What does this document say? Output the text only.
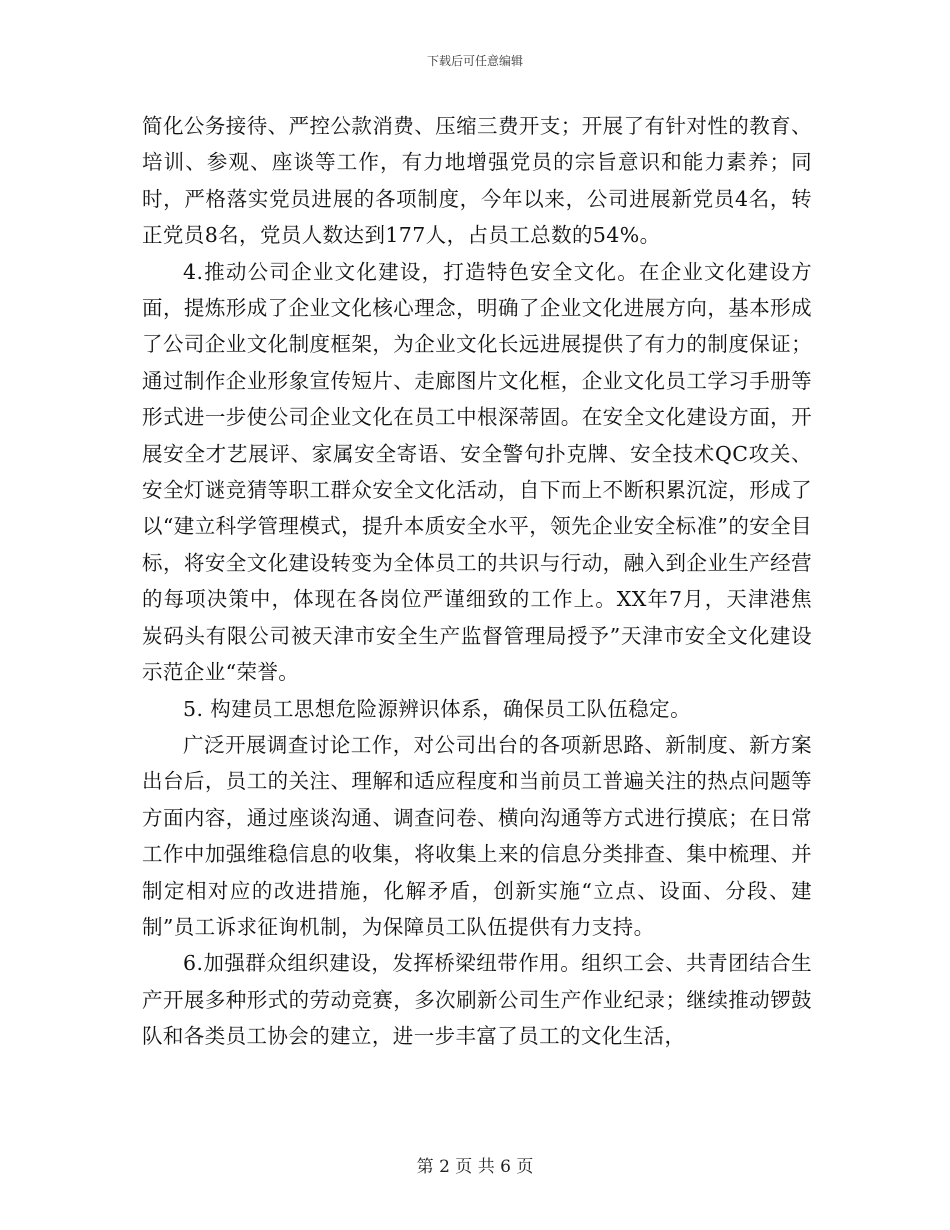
下载后可任意编辑

简化公务接待、严控公款消费、压缩三费开支；开展了有针对性的教育、培训、参观、座谈等工作，有力地增强党员的宗旨意识和能力素养；同时，严格落实党员进展的各项制度，今年以来，公司进展新党员4名，转正党员8名，党员人数达到177人，占员工总数的54%。

4.推动公司企业文化建设，打造特色安全文化。在企业文化建设方面，提炼形成了企业文化核心理念，明确了企业文化进展方向，基本形成了公司企业文化制度框架，为企业文化长远进展提供了有力的制度保证；通过制作企业形象宣传短片、走廊图片文化框，企业文化员工学习手册等形式进一步使公司企业文化在员工中根深蒂固。在安全文化建设方面，开展安全才艺展评、家属安全寄语、安全警句扑克牌、安全技术QC攻关、安全灯谜竞猜等职工群众安全文化活动，自下而上不断积累沉淀，形成了以“建立科学管理模式，提升本质安全水平，领先企业安全标准”的安全目标，将安全文化建设转变为全体员工的共识与行动，融入到企业生产经营的每项决策中，体现在各岗位严谨细致的工作上。XX年7月，天津港焦炭码头有限公司被天津市安全生产监督管理局授予”天津市安全文化建设示范企业“荣誉。

5. 构建员工思想危险源辨识体系，确保员工队伍稳定。

广泛开展调查讨论工作，对公司出台的各项新思路、新制度、新方案出台后，员工的关注、理解和适应程度和当前员工普遍关注的热点问题等方面内容，通过座谈沟通、调查问卷、横向沟通等方式进行摸底；在日常工作中加强维稳信息的收集，将收集上来的信息分类排查、集中梳理、并制定相对应的改进措施，化解矛盾，创新实施“立点、设面、分段、建制”员工诉求征询机制，为保障员工队伍提供有力支持。

6.加强群众组织建设，发挥桥梁纽带作用。组织工会、共青团结合生产开展多种形式的劳动竞赛，多次刷新公司生产作业纪录；继续推动锣鼓队和各类员工协会的建立，进一步丰富了员工的文化生活，

第 2 页 共 6 页
